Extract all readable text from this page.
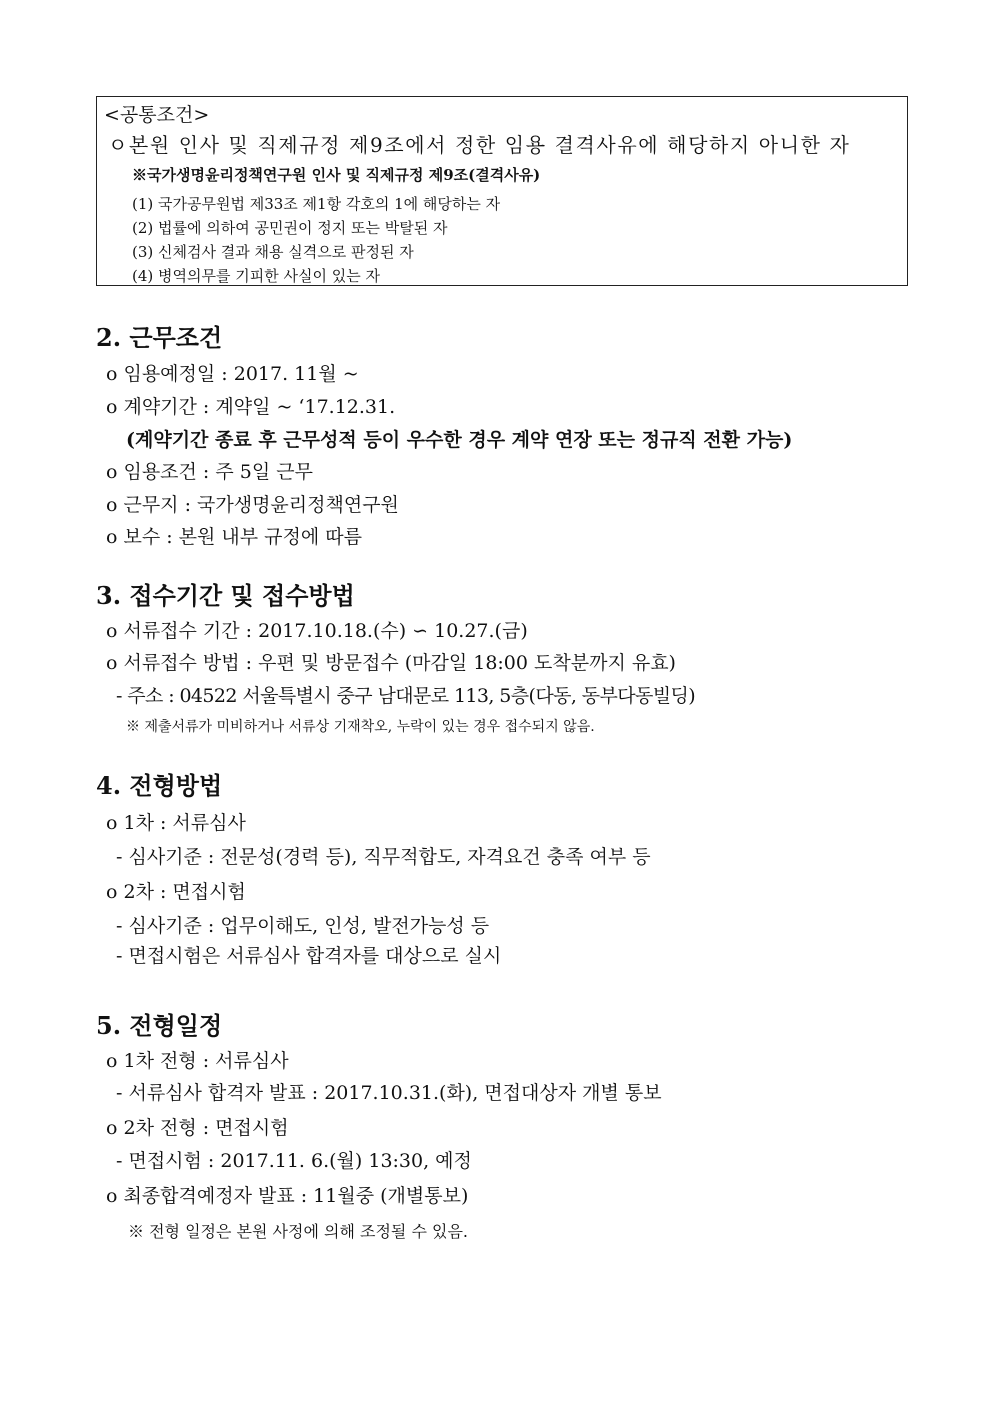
<공통조건>
ㅇ본원 인사 및 직제규정 제9조에서 정한 임용 결격사유에 해당하지 아니한 자
※국가생명윤리정책연구원 인사 및 직제규정 제9조(결격사유)
(1) 국가공무원법 제33조 제1항 각호의 1에 해당하는 자
(2) 법률에 의하여 공민권이 정지 또는 박탈된 자
(3) 신체검사 결과 채용 실격으로 판정된 자
(4) 병역의무를 기피한 사실이 있는 자
2. 근무조건
o 임용예정일 : 2017. 11월 ~
o 계약기간 : 계약일 ~ ‘17.12.31.
(계약기간 종료 후 근무성적 등이 우수한 경우 계약 연장 또는 정규직 전환 가능)
o 임용조건 : 주 5일 근무
o 근무지 : 국가생명윤리정책연구원
o 보수 : 본원 내부 규정에 따름
3. 접수기간 및 접수방법
o 서류접수 기간 : 2017.10.18.(수) ∽ 10.27.(금)
o 서류접수 방법 : 우편 및 방문접수 (마감일 18:00 도착분까지 유효)
- 주소 : 04522 서울특별시 중구 남대문로 113, 5층(다동, 동부다동빌딩)
※ 제출서류가 미비하거나 서류상 기재착오, 누락이 있는 경우 접수되지 않음.
4. 전형방법
o 1차 : 서류심사
- 심사기준 : 전문성(경력 등), 직무적합도, 자격요건 충족 여부 등
o 2차 : 면접시험
- 심사기준 : 업무이해도, 인성, 발전가능성 등
- 면접시험은 서류심사 합격자를 대상으로 실시
5. 전형일정
o 1차 전형 : 서류심사
- 서류심사 합격자 발표 : 2017.10.31.(화), 면접대상자 개별 통보
o 2차 전형 : 면접시험
- 면접시험 : 2017.11. 6.(월) 13:30, 예정
o 최종합격예정자 발표 : 11월중 (개별통보)
※ 전형 일정은 본원 사정에 의해 조정될 수 있음.
